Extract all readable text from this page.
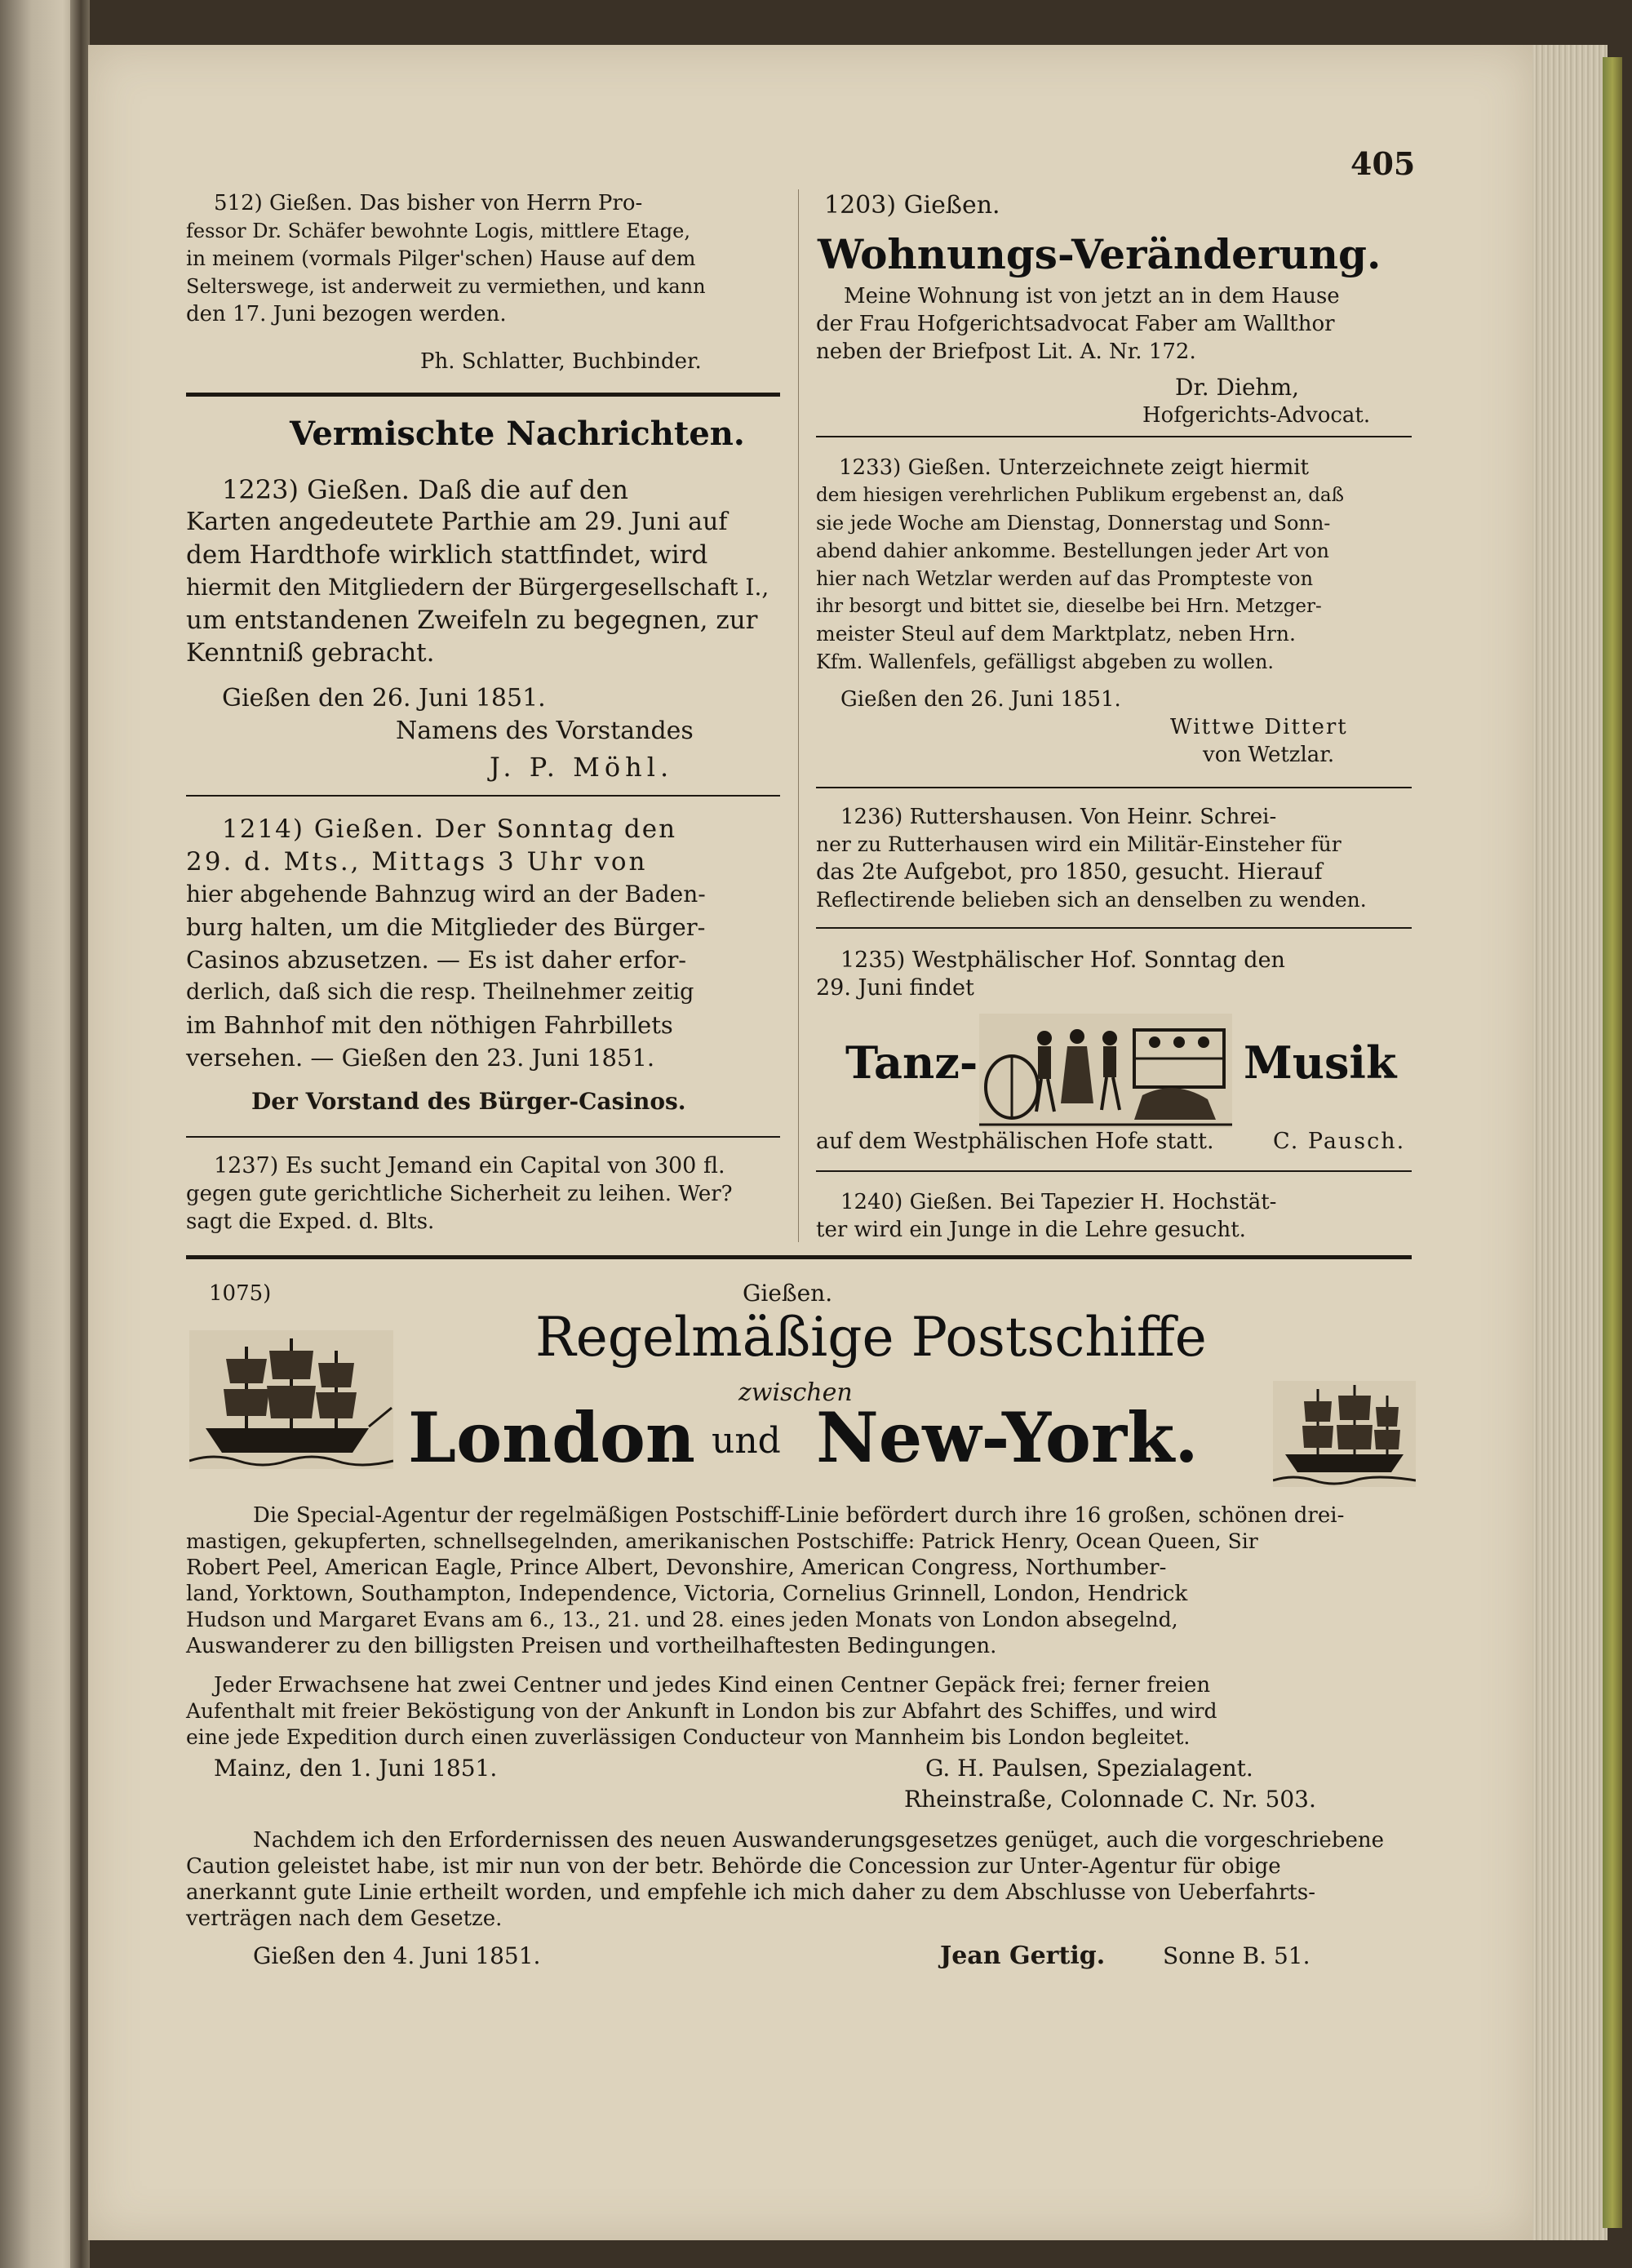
405
512) Gießen. Das bisher von Herrn Pro-
fessor Dr. Schäfer bewohnte Logis, mittlere Etage,
in meinem (vormals Pilger'schen) Hause auf dem
Selterswege, ist anderweit zu vermiethen, und kann
den 17. Juni bezogen werden.
Ph. Schlatter, Buchbinder.
Vermischte Nachrichten.
1223) Gießen. Daß die auf den
Karten angedeutete Parthie am 29. Juni auf
dem Hardthofe wirklich stattfindet, wird
hiermit den Mitgliedern der Bürgergesellschaft I.,
um entstandenen Zweifeln zu begegnen, zur
Kenntniß gebracht.
Gießen den 26. Juni 1851.
Namens des Vorstandes
J. P. Möhl.
1214) Gießen. Der Sonntag den
29. d. Mts., Mittags 3 Uhr von
hier abgehende Bahnzug wird an der Baden-
burg halten, um die Mitglieder des Bürger-
Casinos abzusetzen. — Es ist daher erfor-
derlich, daß sich die resp. Theilnehmer zeitig
im Bahnhof mit den nöthigen Fahrbillets
versehen. — Gießen den 23. Juni 1851.
Der Vorstand des Bürger-Casinos.
1237) Es sucht Jemand ein Capital von 300 fl.
gegen gute gerichtliche Sicherheit zu leihen. Wer?
sagt die Exped. d. Blts.
1203) Gießen.
Wohnungs-Veränderung.
Meine Wohnung ist von jetzt an in dem Hause
der Frau Hofgerichtsadvocat Faber am Wallthor
neben der Briefpost Lit. A. Nr. 172.
Dr. Diehm,
Hofgerichts-Advocat.
1233) Gießen. Unterzeichnete zeigt hiermit
dem hiesigen verehrlichen Publikum ergebenst an, daß
sie jede Woche am Dienstag, Donnerstag und Sonn-
abend dahier ankomme. Bestellungen jeder Art von
hier nach Wetzlar werden auf das Prompteste von
ihr besorgt und bittet sie, dieselbe bei Hrn. Metzger-
meister Steul auf dem Marktplatz, neben Hrn.
Kfm. Wallenfels, gefälligst abgeben zu wollen.
Gießen den 26. Juni 1851.
Wittwe Dittert
von Wetzlar.
1236) Ruttershausen. Von Heinr. Schrei-
ner zu Rutterhausen wird ein Militär-Einsteher für
das 2te Aufgebot, pro 1850, gesucht. Hierauf
Reflectirende belieben sich an denselben zu wenden.
1235) Westphälischer Hof. Sonntag den
29. Juni findet
Tanz-	Musik
auf dem Westphälischen Hofe statt.	C. Pausch.
1240) Gießen. Bei Tapezier H. Hochstät-
ter wird ein Junge in die Lehre gesucht.
1075)	Gießen.
Regelmäßige Postschiffe
zwischen
London und New-York.
Die Special-Agentur der regelmäßigen Postschiff-Linie befördert durch ihre 16 großen, schönen drei-
mastigen, gekupferten, schnellsegelnden, amerikanischen Postschiffe: Patrick Henry, Ocean Queen, Sir
Robert Peel, American Eagle, Prince Albert, Devonshire, American Congress, Northumber-
land, Yorktown, Southampton, Independence, Victoria, Cornelius Grinnell, London, Hendrick
Hudson und Margaret Evans am 6., 13., 21. und 28. eines jeden Monats von London absegelnd,
Auswanderer zu den billigsten Preisen und vortheilhaftesten Bedingungen.
Jeder Erwachsene hat zwei Centner und jedes Kind einen Centner Gepäck frei; ferner freien
Aufenthalt mit freier Beköstigung von der Ankunft in London bis zur Abfahrt des Schiffes, und wird
eine jede Expedition durch einen zuverlässigen Conducteur von Mannheim bis London begleitet.
Mainz, den 1. Juni 1851.	G. H. Paulsen, Spezialagent.
Rheinstraße, Colonnade C. Nr. 503.
Nachdem ich den Erfordernissen des neuen Auswanderungsgesetzes genüget, auch die vorgeschriebene
Caution geleistet habe, ist mir nun von der betr. Behörde die Concession zur Unter-Agentur für obige
anerkannt gute Linie ertheilt worden, und empfehle ich mich daher zu dem Abschlusse von Ueberfahrts-
verträgen nach dem Gesetze.
Gießen den 4. Juni 1851.	Jean Gertig.	Sonne B. 51.
